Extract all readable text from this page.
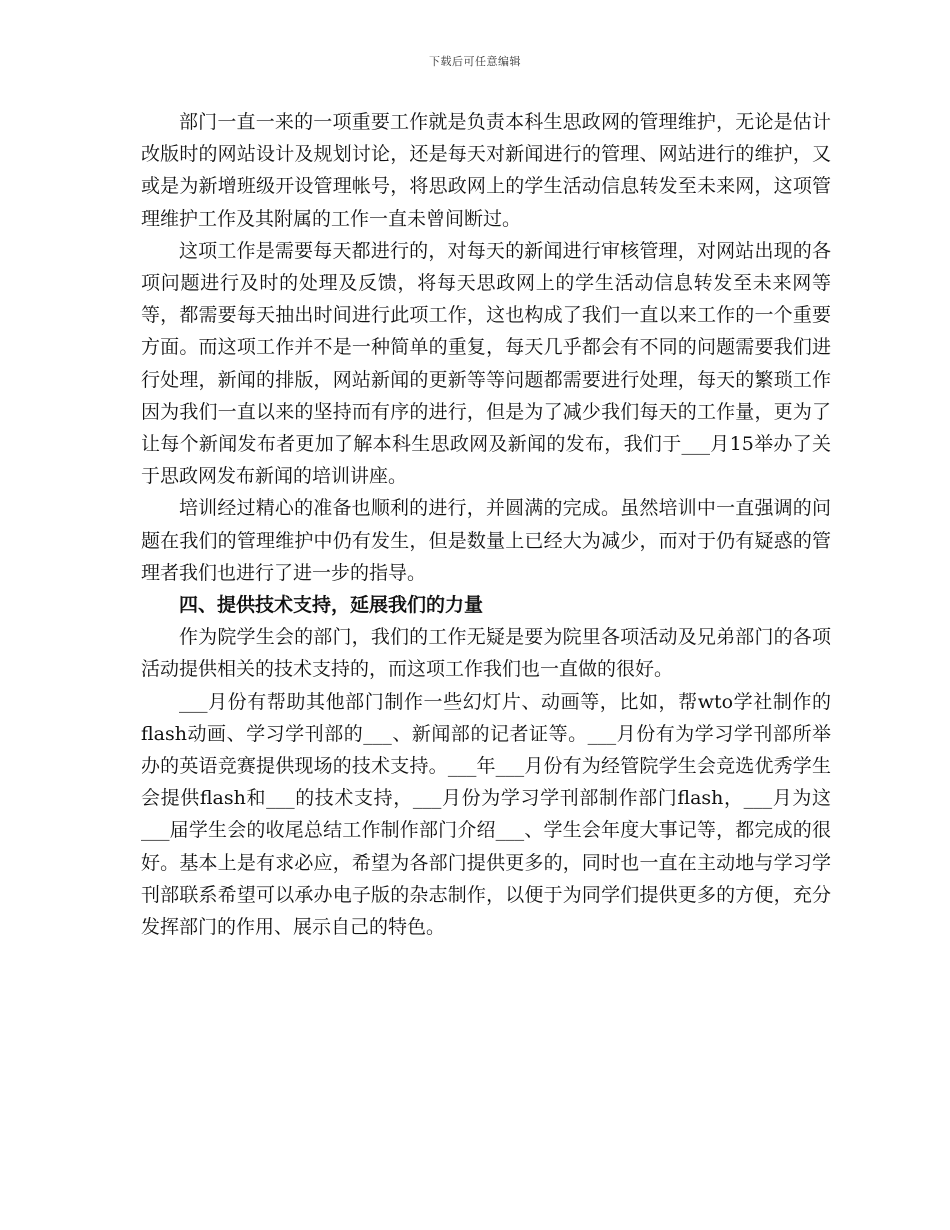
下载后可任意编辑

部门一直一来的一项重要工作就是负责本科生思政网的管理维护，无论是估计改版时的网站设计及规划讨论，还是每天对新闻进行的管理、网站进行的维护，又或是为新增班级开设管理帐号，将思政网上的学生活动信息转发至未来网，这项管理维护工作及其附属的工作一直未曾间断过。

这项工作是需要每天都进行的，对每天的新闻进行审核管理，对网站出现的各项问题进行及时的处理及反馈，将每天思政网上的学生活动信息转发至未来网等等，都需要每天抽出时间进行此项工作，这也构成了我们一直以来工作的一个重要方面。而这项工作并不是一种简单的重复，每天几乎都会有不同的问题需要我们进行处理，新闻的排版，网站新闻的更新等等问题都需要进行处理，每天的繁琐工作因为我们一直以来的坚持而有序的进行，但是为了减少我们每天的工作量，更为了让每个新闻发布者更加了解本科生思政网及新闻的发布，我们于___月15举办了关于思政网发布新闻的培训讲座。

培训经过精心的准备也顺利的进行，并圆满的完成。虽然培训中一直强调的问题在我们的管理维护中仍有发生，但是数量上已经大为减少，而对于仍有疑惑的管理者我们也进行了进一步的指导。

四、提供技术支持，延展我们的力量

作为院学生会的部门，我们的工作无疑是要为院里各项活动及兄弟部门的各项活动提供相关的技术支持的，而这项工作我们也一直做的很好。

___月份有帮助其他部门制作一些幻灯片、动画等，比如，帮wto学社制作的flash动画、学习学刊部的___、新闻部的记者证等。___月份有为学习学刊部所举办的英语竞赛提供现场的技术支持。___年___月份有为经管院学生会竞选优秀学生会提供flash和___的技术支持，___月份为学习学刊部制作部门flash，___月为这___届学生会的收尾总结工作制作部门介绍___、学生会年度大事记等，都完成的很好。基本上是有求必应，希望为各部门提供更多的，同时也一直在主动地与学习学刊部联系希望可以承办电子版的杂志制作，以便于为同学们提供更多的方便，充分发挥部门的作用、展示自己的特色。
